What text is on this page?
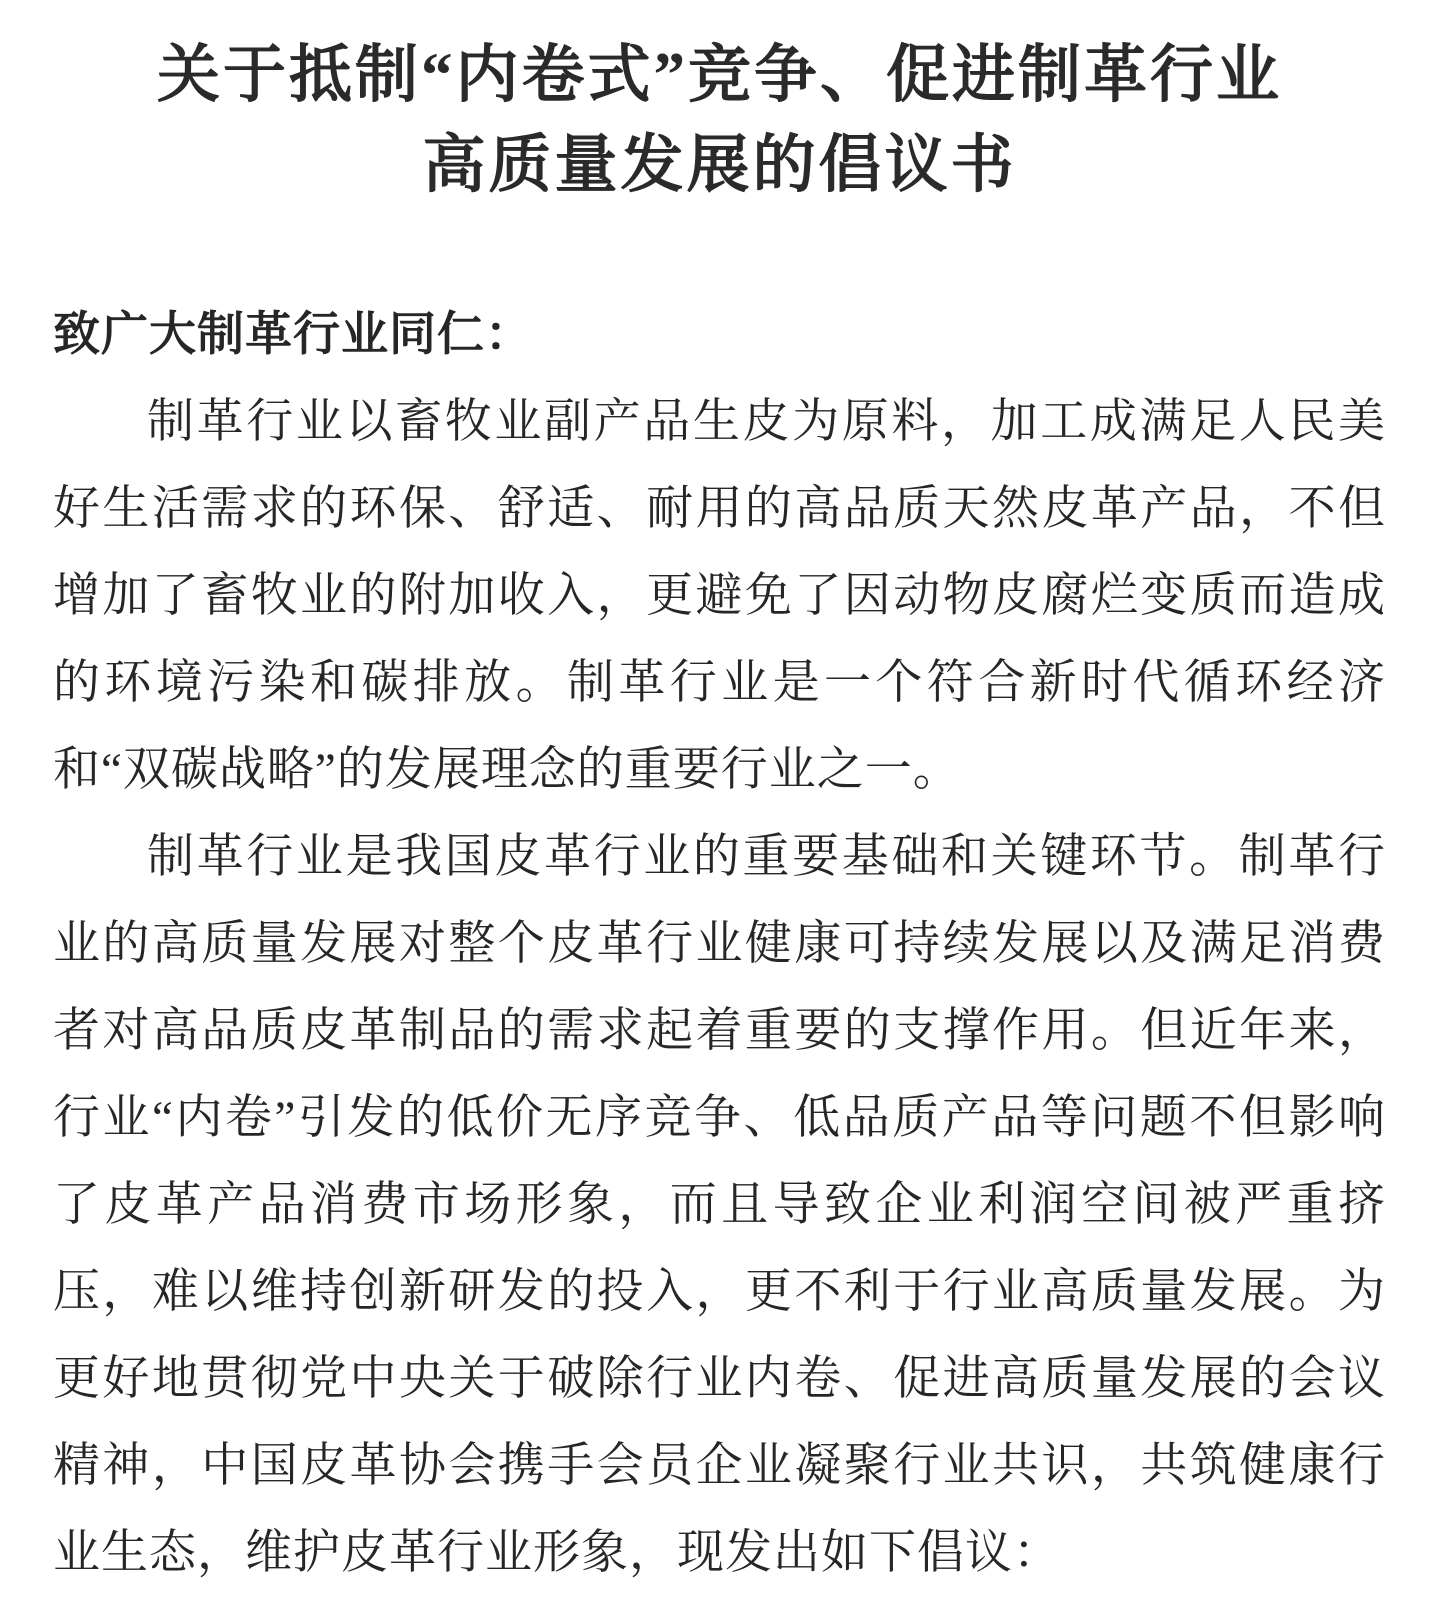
关于抵制“内卷式”竞争、促进制革行业
高质量发展的倡议书

致广大制革行业同仁：

制革行业以畜牧业副产品生皮为原料，加工成满足人民美好生活需求的环保、舒适、耐用的高品质天然皮革产品，不但增加了畜牧业的附加收入，更避免了因动物皮腐烂变质而造成的环境污染和碳排放。制革行业是一个符合新时代循环经济和“双碳战略”的发展理念的重要行业之一。

制革行业是我国皮革行业的重要基础和关键环节。制革行业的高质量发展对整个皮革行业健康可持续发展以及满足消费者对高品质皮革制品的需求起着重要的支撑作用。但近年来，行业“内卷”引发的低价无序竞争、低品质产品等问题不但影响了皮革产品消费市场形象，而且导致企业利润空间被严重挤压，难以维持创新研发的投入，更不利于行业高质量发展。为更好地贯彻党中央关于破除行业内卷、促进高质量发展的会议精神，中国皮革协会携手会员企业凝聚行业共识，共筑健康行业生态，维护皮革行业形象，现发出如下倡议：
